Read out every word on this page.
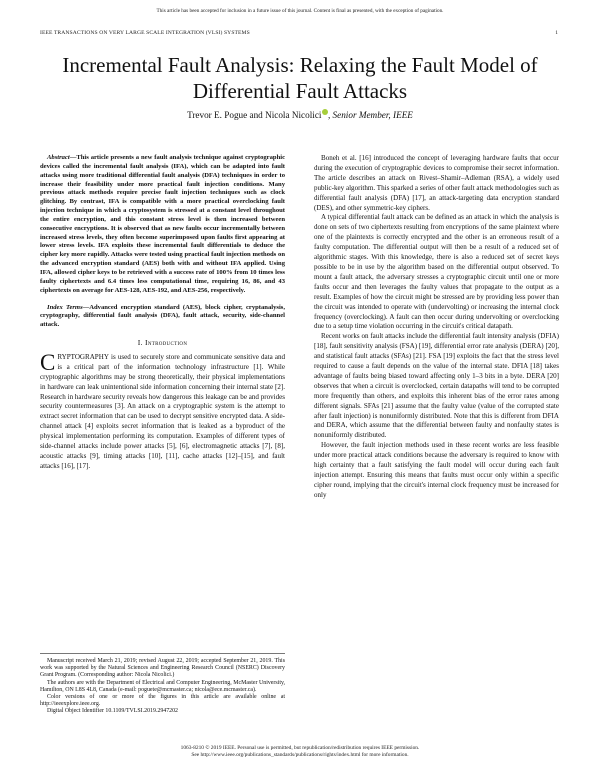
This article has been accepted for inclusion in a future issue of this journal. Content is final as presented, with the exception of pagination.
IEEE TRANSACTIONS ON VERY LARGE SCALE INTEGRATION (VLSI) SYSTEMS	1
Incremental Fault Analysis: Relaxing the Fault Model of Differential Fault Attacks
Trevor E. Pogue and Nicola Nicolici , Senior Member, IEEE

Abstract—This article presents a new fault analysis technique against cryptographic devices called the incremental fault analysis (IFA), which can be adapted into fault attacks using more traditional differential fault analysis (DFA) techniques in order to increase their feasibility under more practical fault injection conditions. Many previous attack methods require precise fault injection techniques such as clock glitching. By contrast, IFA is compatible with a more practical overclocking fault injection technique in which a cryptosystem is stressed at a constant level throughout the entire encryption, and this constant stress level is then increased between consecutive encryptions. It is observed that as new faults occur incrementally between increased stress levels, they often become superimposed upon faults first appearing at lower stress levels. IFA exploits these incremental fault differentials to deduce the cipher key more rapidly. Attacks were tested using practical fault injection methods on the advanced encryption standard (AES) both with and without IFA applied. Using IFA, allowed cipher keys to be retrieved with a success rate of 100% from 10 times less faulty ciphertexts and 6.4 times less computational time, requiring 16, 86, and 43 ciphertexts on average for AES-128, AES-192, and AES-256, respectively.

Index Terms—Advanced encryption standard (AES), block cipher, cryptanalysis, cryptography, differential fault analysis (DFA), fault attack, security, side-channel attack.

I. Introduction

CRYPTOGRAPHY is used to securely store and communicate sensitive data and is a critical part of the information technology infrastructure [1]. While cryptographic algorithms may be strong theoretically, their physical implementations in hardware can leak unintentional side information concerning their internal state [2]. Research in hardware security reveals how dangerous this leakage can be and provides security countermeasures [3]. An attack on a cryptographic system is the attempt to extract secret information that can be used to decrypt sensitive encrypted data. A side-channel attack [4] exploits secret information that is leaked as a byproduct of the physical implementation performing its computation. Examples of different types of side-channel attacks include power attacks [5], [6], electromagnetic attacks [7], [8], acoustic attacks [9], timing attacks [10], [11], cache attacks [12]–[15], and fault attacks [16], [17].

Manuscript received March 21, 2019; revised August 22, 2019; accepted September 21, 2019. This work was supported by the Natural Sciences and Engineering Research Council (NSERC) Discovery Grant Program. (Corresponding author: Nicola Nicolici.)

The authors are with the Department of Electrical and Computer Engineering, McMaster University, Hamilton, ON L8S 4L8, Canada (e-mail: poguete@mcmaster.ca; nicola@ece.mcmaster.ca).

Color versions of one or more of the figures in this article are available online at http://ieeexplore.ieee.org.

Digital Object Identifier 10.1109/TVLSI.2019.2947202

Boneh et al. [16] introduced the concept of leveraging hardware faults that occur during the execution of cryptographic devices to compromise their secret information. The article describes an attack on Rivest–Shamir–Adleman (RSA), a widely used public-key algorithm. This sparked a series of other fault attack methodologies such as differential fault analysis (DFA) [17], an attack-targeting data encryption standard (DES), and other symmetric-key ciphers.

A typical differential fault attack can be defined as an attack in which the analysis is done on sets of two ciphertexts resulting from encryptions of the same plaintext where one of the plaintexts is correctly encrypted and the other is an erroneous result of a faulty computation. The differential output will then be a result of a reduced set of algorithmic stages. With this knowledge, there is also a reduced set of secret keys possible to be in use by the algorithm based on the differential output observed. To mount a fault attack, the adversary stresses a cryptographic circuit until one or more faults occur and then leverages the faulty values that propagate to the output as a result. Examples of how the circuit might be stressed are by providing less power than the circuit was intended to operate with (undervolting) or increasing the internal clock frequency (overclocking). A fault can then occur during undervolting or overclocking due to a setup time violation occurring in the circuit's critical datapath.

Recent works on fault attacks include the differential fault intensity analysis (DFIA) [18], fault sensitivity analysis (FSA) [19], differential error rate analysis (DERA) [20], and statistical fault attacks (SFAs) [21]. FSA [19] exploits the fact that the stress level required to cause a fault depends on the value of the internal state. DFIA [18] takes advantage of faults being biased toward affecting only 1–3 bits in a byte. DERA [20] observes that when a circuit is overclocked, certain datapaths will tend to be corrupted more frequently than others, and exploits this inherent bias of the error rates among different signals. SFAs [21] assume that the faulty value (value of the corrupted state after fault injection) is nonuniformly distributed. Note that this is different from DFIA and DERA, which assume that the differential between faulty and nonfaulty states is nonuniformly distributed.

However, the fault injection methods used in these recent works are less feasible under more practical attack conditions because the adversary is required to know with high certainty that a fault satisfying the fault model will occur during each fault injection attempt. Ensuring this means that faults must occur only within a specific cipher round, implying that the circuit's internal clock frequency must be increased for only

1063-8210 © 2019 IEEE. Personal use is permitted, but republication/redistribution requires IEEE permission.
See http://www.ieee.org/publications_standards/publications/rights/index.html for more information.
